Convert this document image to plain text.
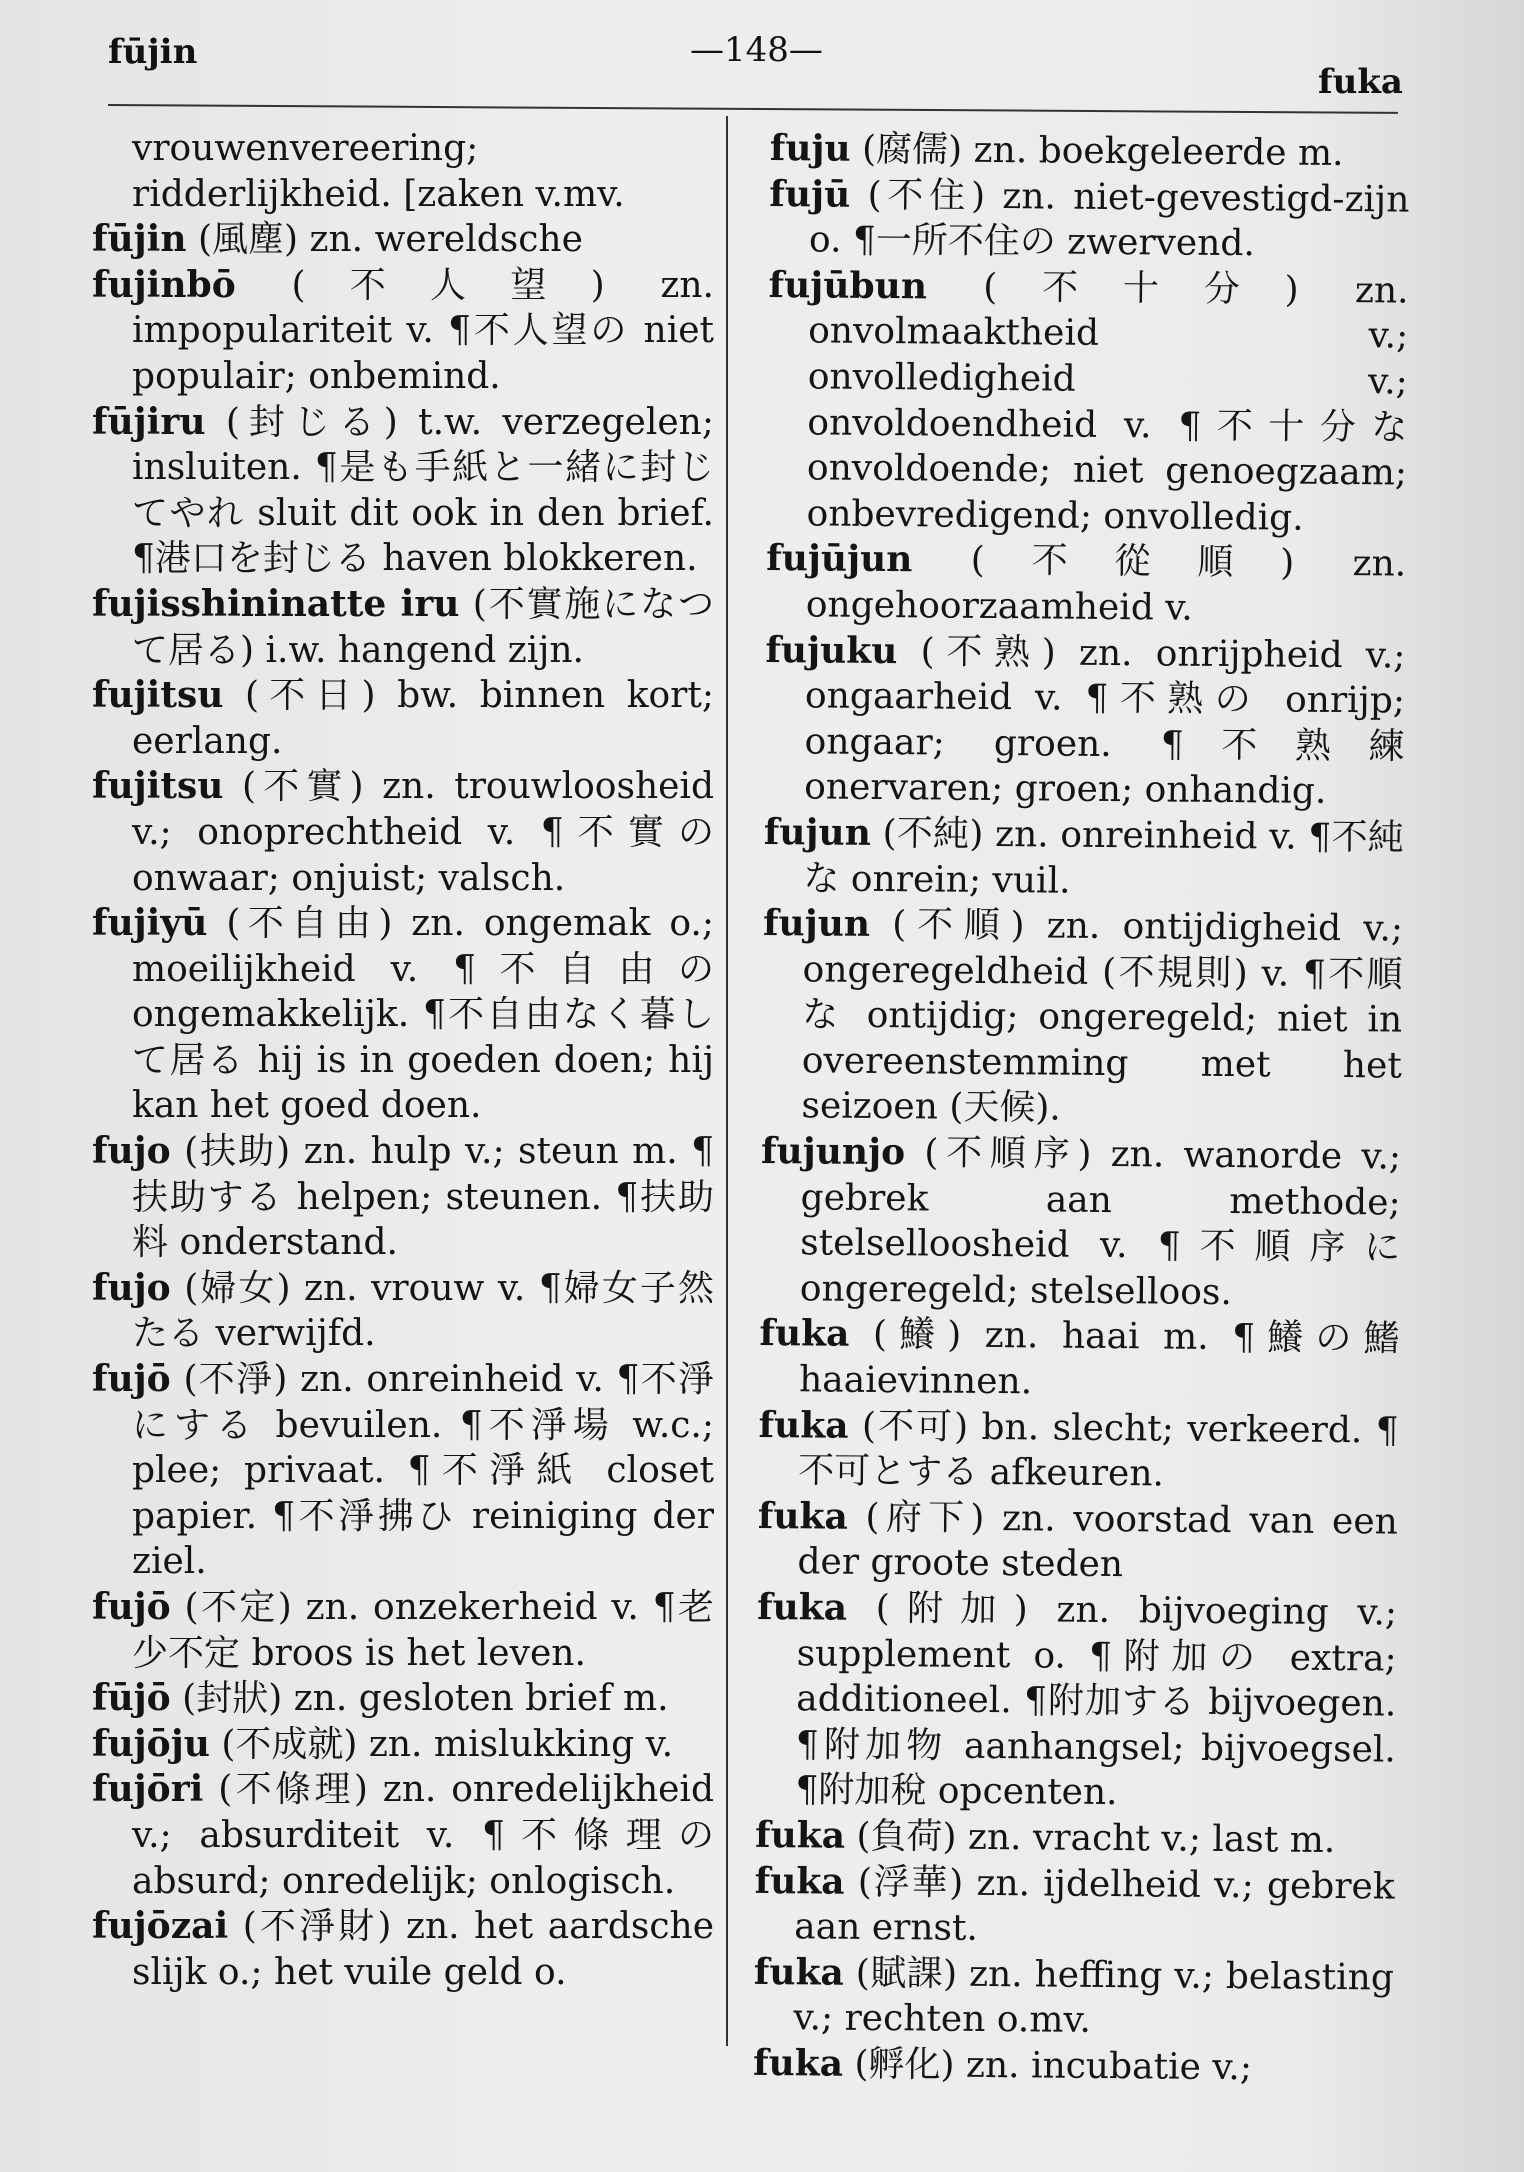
fūjin	—148—
fuka

vrouwenvereering; ridderlijkheid. [zaken v.mv.

fūjin (風塵) zn. wereldsche

fujinbō (不人望) zn. impopulariteit v. ¶不人望の niet populair; onbemind.

fūjiru (封じる) t.w. verzegelen; insluiten. ¶是も手紙と一緒に封じてやれ sluit dit ook in den brief. ¶港口を封じる haven blokkeren.

fujisshininatte iru (不實施になつて居る) i.w. hangend zijn.

fujitsu (不日) bw. binnen kort; eerlang.

fujitsu (不實) zn. trouwloosheid v.; onoprechtheid v. ¶不實の onwaar; onjuist; valsch.

fujiyū (不自由) zn. ongemak o.; moeilijkheid v. ¶不自由の ongemakkelijk. ¶不自由なく暮して居る hij is in goeden doen; hij kan het goed doen.

fujo (扶助) zn. hulp v.; steun m. ¶扶助する helpen; steunen. ¶扶助料 onderstand.

fujo (婦女) zn. vrouw v. ¶婦女子然たる verwijfd.

fujō (不淨) zn. onreinheid v. ¶不淨にする bevuilen. ¶不淨場 w.c.; plee; privaat. ¶不淨紙 closet papier. ¶不淨拂ひ reiniging der ziel.

fujō (不定) zn. onzekerheid v. ¶老少不定 broos is het leven.

fūjō (封狀) zn. gesloten brief m.

fujōju (不成就) zn. mislukking v.

fujōri (不條理) zn. onredelijkheid v.; absurditeit v. ¶不條理の absurd; onredelijk; onlogisch.

fujōzai (不淨財) zn. het aardsche slijk o.; het vuile geld o.

fuju (腐儒) zn. boekgeleerde m.

fujū (不住) zn. niet-gevestigd-zijn o. ¶一所不住の zwervend.

fujūbun (不十分) zn. onvolmaaktheid v.; onvolledigheid v.; onvoldoendheid v. ¶不十分な onvoldoende; niet genoegzaam; onbevredigend; onvolledig.

fujūjun (不從順) zn. ongehoorzaamheid v.

fujuku (不熟) zn. onrijpheid v.; ongaarheid v. ¶不熟の onrijp; ongaar; groen. ¶不熟練 onervaren; groen; onhandig.

fujun (不純) zn. onreinheid v. ¶不純な onrein; vuil.

fujun (不順) zn. ontijdigheid v.; ongeregeldheid (不規則) v. ¶不順な ontijdig; ongeregeld; niet in overeenstemming met het seizoen (天候).

fujunjo (不順序) zn. wanorde v.; gebrek aan methode; stelselloosheid v. ¶不順序に ongeregeld; stelselloos.

fuka (鱶) zn. haai m. ¶鱶の鰭 haaievinnen.

fuka (不可) bn. slecht; verkeerd. ¶不可とする afkeuren.

fuka (府下) zn. voorstad van een der groote steden

fuka (附加) zn. bijvoeging v.; supplement o. ¶附加の extra; additioneel. ¶附加する bijvoegen. ¶附加物 aanhangsel; bijvoegsel. ¶附加稅 opcenten.

fuka (負荷) zn. vracht v.; last m.

fuka (浮華) zn. ijdelheid v.; gebrek aan ernst.

fuka (賦課) zn. heffing v.; belasting v.; rechten o.mv.

fuka (孵化) zn. incubatie v.;
